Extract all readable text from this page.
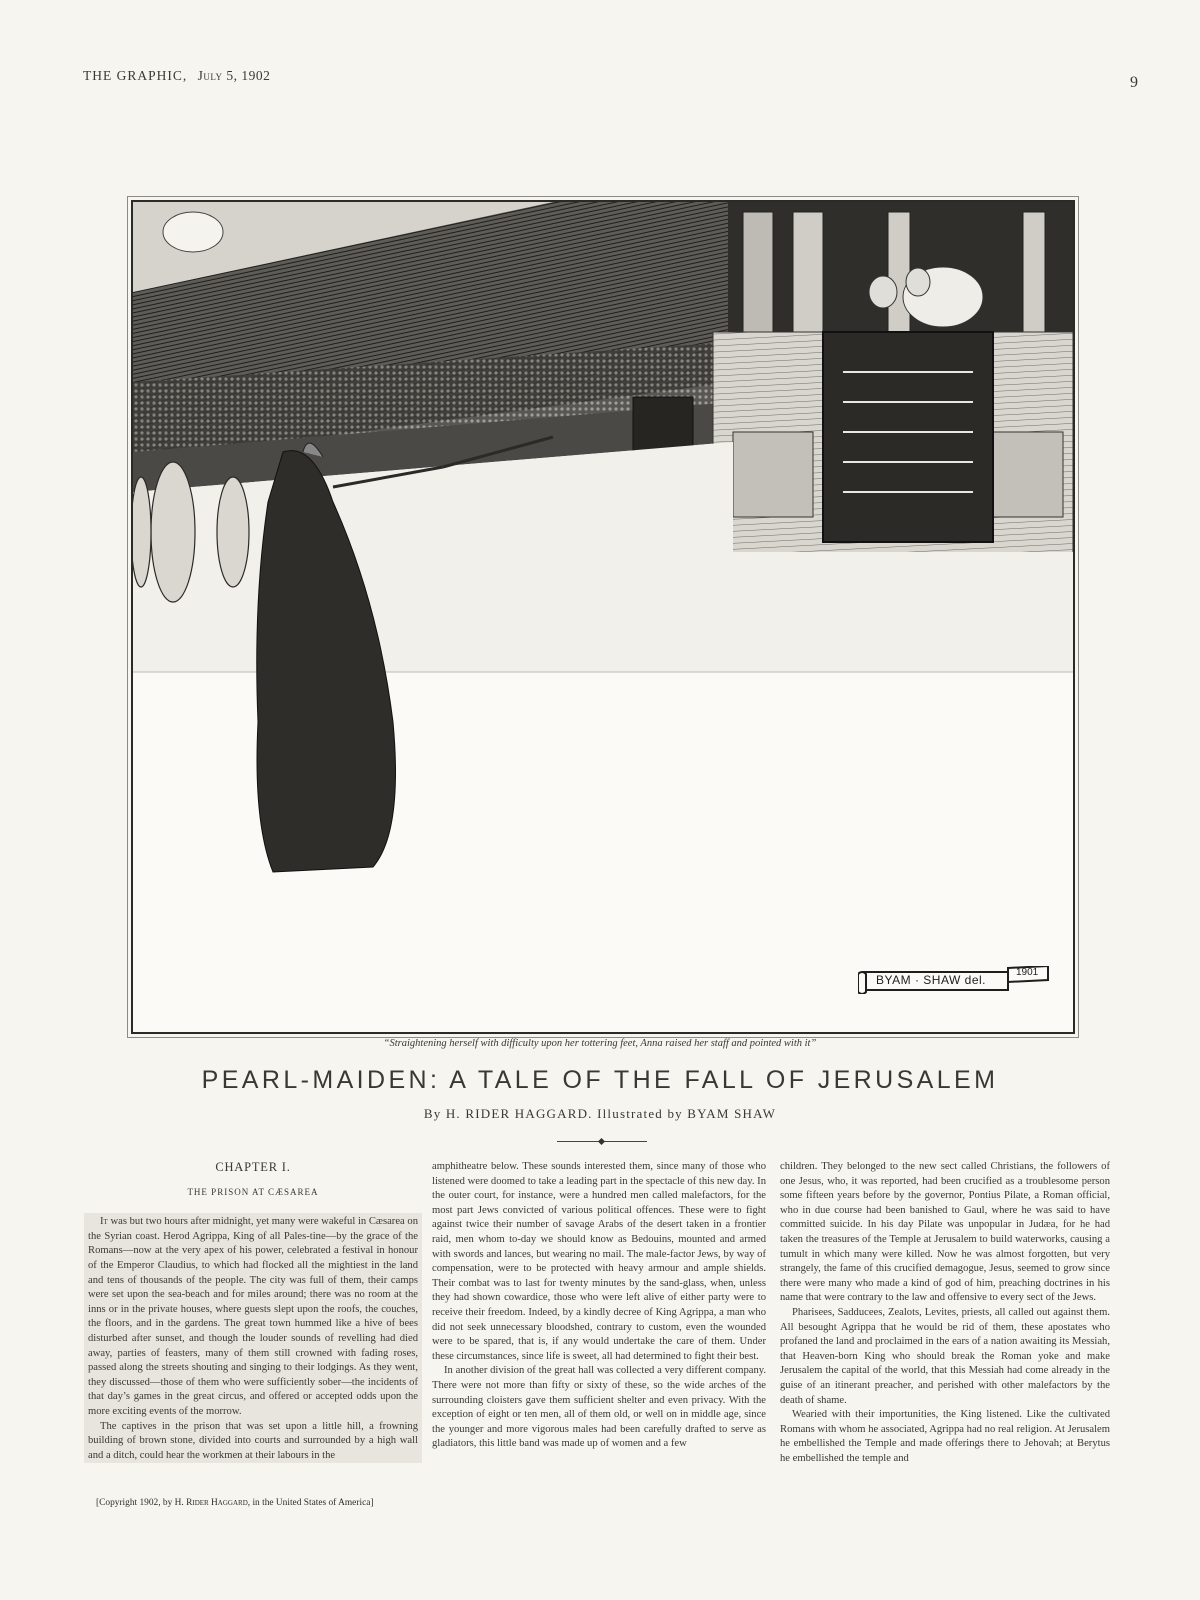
THE GRAPHIC, July 5, 1902	9
BYAM · SHAW del.
1901
“Straightening herself with difficulty upon her tottering feet, Anna raised her staff and pointed with it”
PEARL-MAIDEN: A TALE OF THE FALL OF JERUSALEM
By H. RIDER HAGGARD. Illustrated by BYAM SHAW
CHAPTER I.
THE PRISON AT CÆSAREA

It was but two hours after midnight, yet many were wakeful in Cæsarea on the Syrian coast. Herod Agrippa, King of all Pales-tine—by the grace of the Romans—now at the very apex of his power, celebrated a festival in honour of the Emperor Claudius, to which had flocked all the mightiest in the land and tens of thousands of the people. The city was full of them, their camps were set upon the sea-beach and for miles around; there was no room at the inns or in the private houses, where guests slept upon the roofs, the couches, the floors, and in the gardens. The great town hummed like a hive of bees disturbed after sunset, and though the louder sounds of revelling had died away, parties of feasters, many of them still crowned with fading roses, passed along the streets shouting and singing to their lodgings. As they went, they discussed—those of them who were sufficiently sober—the incidents of that day’s games in the great circus, and offered or accepted odds upon the more exciting events of the morrow.

The captives in the prison that was set upon a little hill, a frowning building of brown stone, divided into courts and surrounded by a high wall and a ditch, could hear the workmen at their labours in the

amphitheatre below. These sounds interested them, since many of those who listened were doomed to take a leading part in the spectacle of this new day. In the outer court, for instance, were a hundred men called malefactors, for the most part Jews convicted of various political offences. These were to fight against twice their number of savage Arabs of the desert taken in a frontier raid, men whom to-day we should know as Bedouins, mounted and armed with swords and lances, but wearing no mail. The male-factor Jews, by way of compensation, were to be protected with heavy armour and ample shields. Their combat was to last for twenty minutes by the sand-glass, when, unless they had shown cowardice, those who were left alive of either party were to receive their freedom. Indeed, by a kindly decree of King Agrippa, a man who did not seek unnecessary bloodshed, contrary to custom, even the wounded were to be spared, that is, if any would undertake the care of them. Under these circumstances, since life is sweet, all had determined to fight their best.

In another division of the great hall was collected a very different company. There were not more than fifty or sixty of these, so the wide arches of the surrounding cloisters gave them sufficient shelter and even privacy. With the exception of eight or ten men, all of them old, or well on in middle age, since the younger and more vigorous males had been carefully drafted to serve as gladiators, this little band was made up of women and a few

children. They belonged to the new sect called Christians, the followers of one Jesus, who, it was reported, had been crucified as a troublesome person some fifteen years before by the governor, Pontius Pilate, a Roman official, who in due course had been banished to Gaul, where he was said to have committed suicide. In his day Pilate was unpopular in Judæa, for he had taken the treasures of the Temple at Jerusalem to build waterworks, causing a tumult in which many were killed. Now he was almost forgotten, but very strangely, the fame of this crucified demagogue, Jesus, seemed to grow since there were many who made a kind of god of him, preaching doctrines in his name that were contrary to the law and offensive to every sect of the Jews.

Pharisees, Sadducees, Zealots, Levites, priests, all called out against them. All besought Agrippa that he would be rid of them, these apostates who profaned the land and proclaimed in the ears of a nation awaiting its Messiah, that Heaven-born King who should break the Roman yoke and make Jerusalem the capital of the world, that this Messiah had come already in the guise of an itinerant preacher, and perished with other malefactors by the death of shame.

Wearied with their importunities, the King listened. Like the cultivated Romans with whom he associated, Agrippa had no real religion. At Jerusalem he embellished the Temple and made offerings there to Jehovah; at Berytus he embellished the temple and

[Copyright 1902, by H. Rider Haggard, in the United States of America]
